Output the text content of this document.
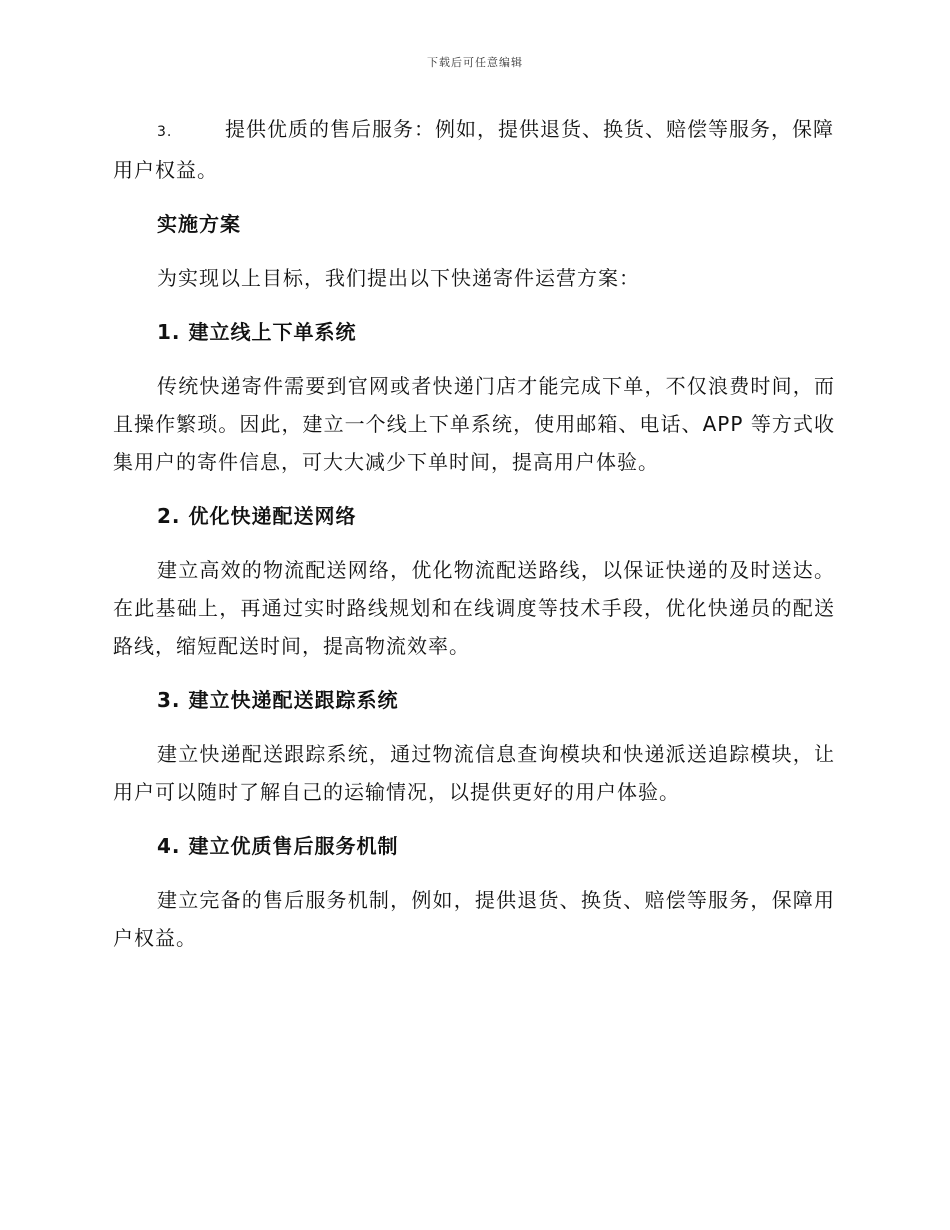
下载后可任意编辑

3.	提供优质的售后服务：例如，提供退货、换货、赔偿等服务，保障用户权益。

实施方案

为实现以上目标，我们提出以下快递寄件运营方案：

1. 建立线上下单系统

传统快递寄件需要到官网或者快递门店才能完成下单，不仅浪费时间，而且操作繁琐。因此，建立一个线上下单系统，使用邮箱、电话、APP 等方式收集用户的寄件信息，可大大减少下单时间，提高用户体验。

2. 优化快递配送网络

建立高效的物流配送网络，优化物流配送路线，以保证快递的及时送达。在此基础上，再通过实时路线规划和在线调度等技术手段，优化快递员的配送路线，缩短配送时间，提高物流效率。

3. 建立快递配送跟踪系统

建立快递配送跟踪系统，通过物流信息查询模块和快递派送追踪模块，让用户可以随时了解自己的运输情况，以提供更好的用户体验。

4. 建立优质售后服务机制

建立完备的售后服务机制，例如，提供退货、换货、赔偿等服务，保障用户权益。
